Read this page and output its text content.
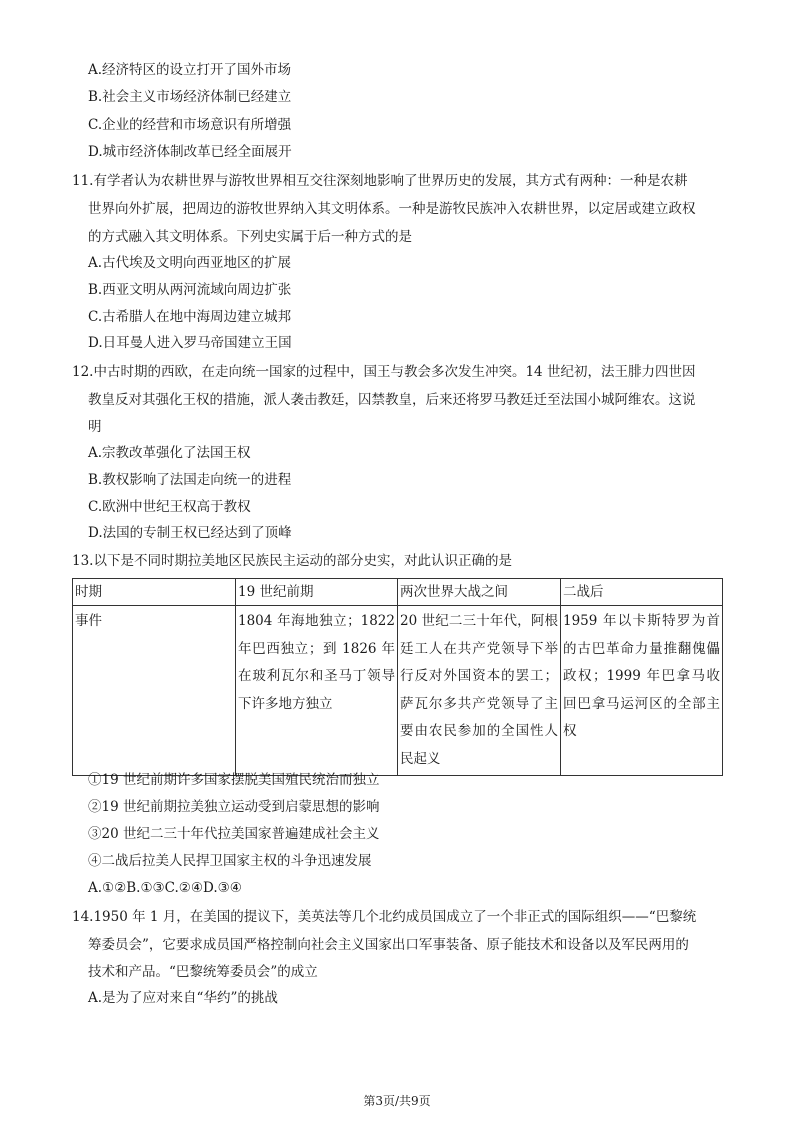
A.经济特区的设立打开了国外市场
B.社会主义市场经济体制已经建立
C.企业的经营和市场意识有所增强
D.城市经济体制改革已经全面展开
11.有学者认为农耕世界与游牧世界相互交往深刻地影响了世界历史的发展，其方式有两种：一种是农耕
世界向外扩展，把周边的游牧世界纳入其文明体系。一种是游牧民族冲入农耕世界，以定居或建立政权
的方式融入其文明体系。下列史实属于后一种方式的是
A.古代埃及文明向西亚地区的扩展
B.西亚文明从两河流域向周边扩张
C.古希腊人在地中海周边建立城邦
D.日耳曼人进入罗马帝国建立王国
12.中古时期的西欧，在走向统一国家的过程中，国王与教会多次发生冲突。14 世纪初，法王腓力四世因
教皇反对其强化王权的措施，派人袭击教廷，囚禁教皇，后来还将罗马教廷迁至法国小城阿维农。这说
明
A.宗教改革强化了法国王权
B.教权影响了法国走向统一的进程
C.欧洲中世纪王权高于教权
D.法国的专制王权已经达到了顶峰
13.以下是不同时期拉美地区民族民主运动的部分史实，对此认识正确的是
时期	19 世纪前期	两次世界大战之间	二战后
事件	1804 年海地独立；1822 年巴西独立；到 1826 年在玻利瓦尔和圣马丁领导下许多地方独立	20 世纪二三十年代，阿根廷工人在共产党领导下举行反对外国资本的罢工；萨瓦尔多共产党领导了主要由农民参加的全国性人民起义	1959 年以卡斯特罗为首的古巴革命力量推翻傀儡政权；1999 年巴拿马收回巴拿马运河区的全部主权
①19 世纪前期许多国家摆脱美国殖民统治而独立
②19 世纪前期拉美独立运动受到启蒙思想的影响
③20 世纪二三十年代拉美国家普遍建成社会主义
④二战后拉美人民捍卫国家主权的斗争迅速发展
A.①②B.①③C.②④D.③④
14.1950 年 1 月，在美国的提议下，美英法等几个北约成员国成立了一个非正式的国际组织——“巴黎统
筹委员会”，它要求成员国严格控制向社会主义国家出口军事装备、原子能技术和设备以及军民两用的
技术和产品。“巴黎统筹委员会”的成立
A.是为了应对来自“华约”的挑战
第3页/共9页
